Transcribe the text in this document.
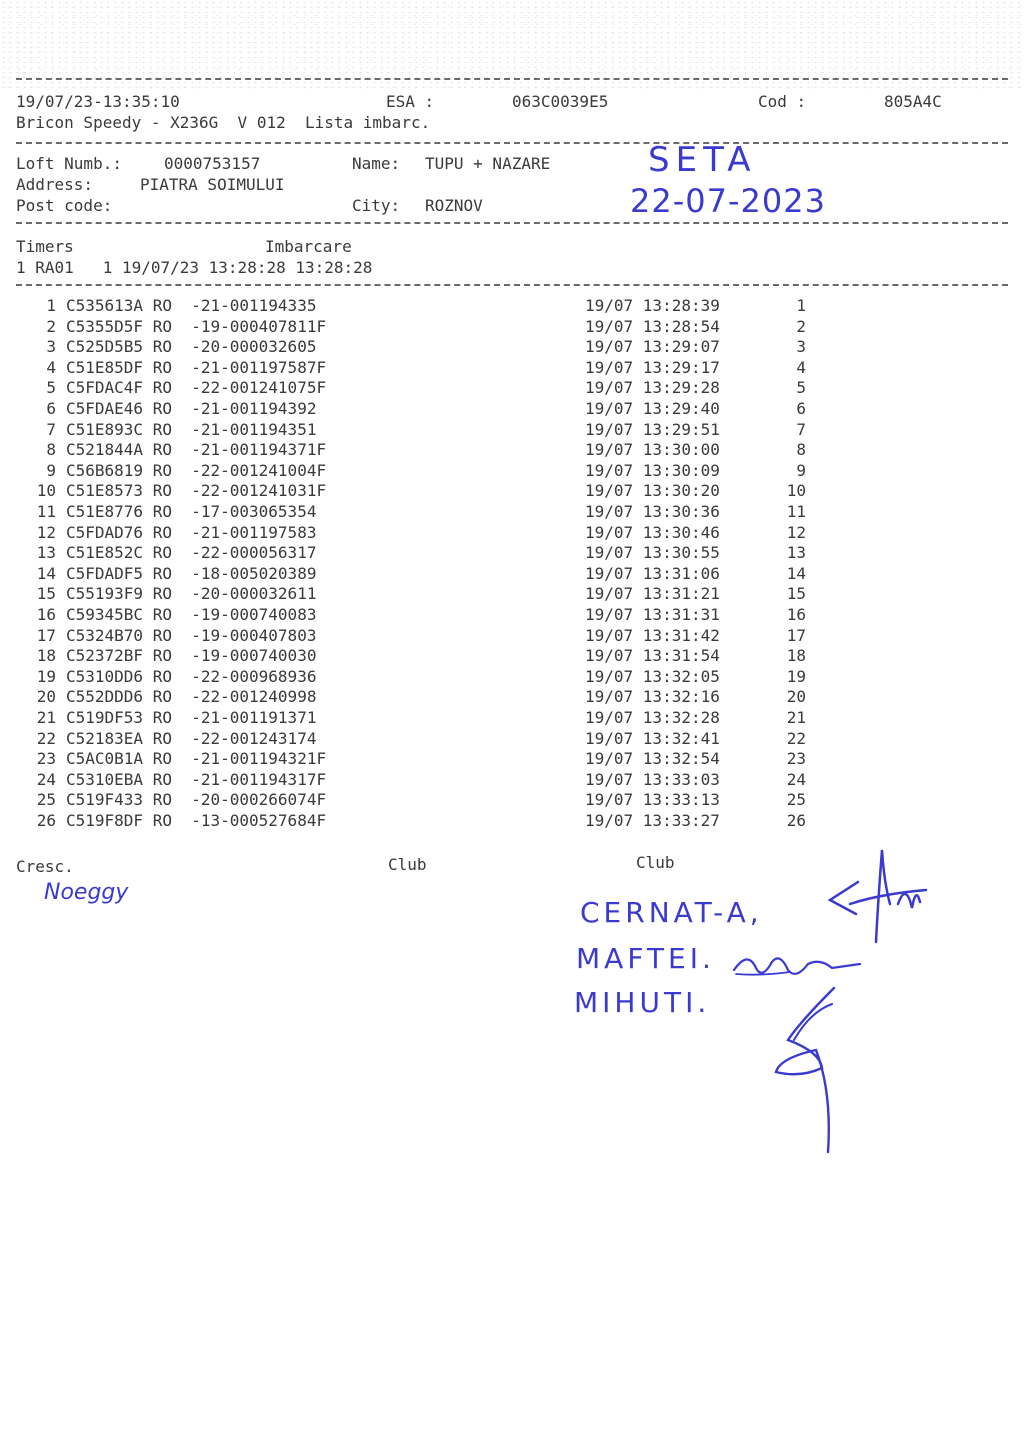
19/07/23-13:35:10	ESA :	063C0039E5	Cod :	805A4C
Bricon Speedy - X236G  V 012  Lista imbarc.
Loft Numb.:	0000753157	Name: TUPU + NAZARE
Address:	PIATRA SOIMULUI
Post code:	City: ROZNOV
SETA
22-07-2023
Timers	Imbarcare
1 RA01   1 19/07/23 13:28:28 13:28:28
1 C535613A RO  -21-001194335	19/07 13:28:39	1
2 C5355D5F RO  -19-000407811F	19/07 13:28:54	2
3 C525D5B5 RO  -20-000032605	19/07 13:29:07	3
4 C51E85DF RO  -21-001197587F	19/07 13:29:17	4
5 C5FDAC4F RO  -22-001241075F	19/07 13:29:28	5
6 C5FDAE46 RO  -21-001194392	19/07 13:29:40	6
7 C51E893C RO  -21-001194351	19/07 13:29:51	7
8 C521844A RO  -21-001194371F	19/07 13:30:00	8
9 C56B6819 RO  -22-001241004F	19/07 13:30:09	9
10 C51E8573 RO  -22-001241031F	19/07 13:30:20	10
11 C51E8776 RO  -17-003065354	19/07 13:30:36	11
12 C5FDAD76 RO  -21-001197583	19/07 13:30:46	12
13 C51E852C RO  -22-000056317	19/07 13:30:55	13
14 C5FDADF5 RO  -18-005020389	19/07 13:31:06	14
15 C55193F9 RO  -20-000032611	19/07 13:31:21	15
16 C59345BC RO  -19-000740083	19/07 13:31:31	16
17 C5324B70 RO  -19-000407803	19/07 13:31:42	17
18 C52372BF RO  -19-000740030	19/07 13:31:54	18
19 C5310DD6 RO  -22-000968936	19/07 13:32:05	19
20 C552DDD6 RO  -22-001240998	19/07 13:32:16	20
21 C519DF53 RO  -21-001191371	19/07 13:32:28	21
22 C52183EA RO  -22-001243174	19/07 13:32:41	22
23 C5AC0B1A RO  -21-001194321F	19/07 13:32:54	23
24 C5310EBA RO  -21-001194317F	19/07 13:33:03	24
25 C519F433 RO  -20-000266074F	19/07 13:33:13	25
26 C519F8DF RO  -13-000527684F	19/07 13:33:27	26
Cresc.	Club	Club
Noeggy
CERNAT-A,
MAFTEI.
MIHUTI.
